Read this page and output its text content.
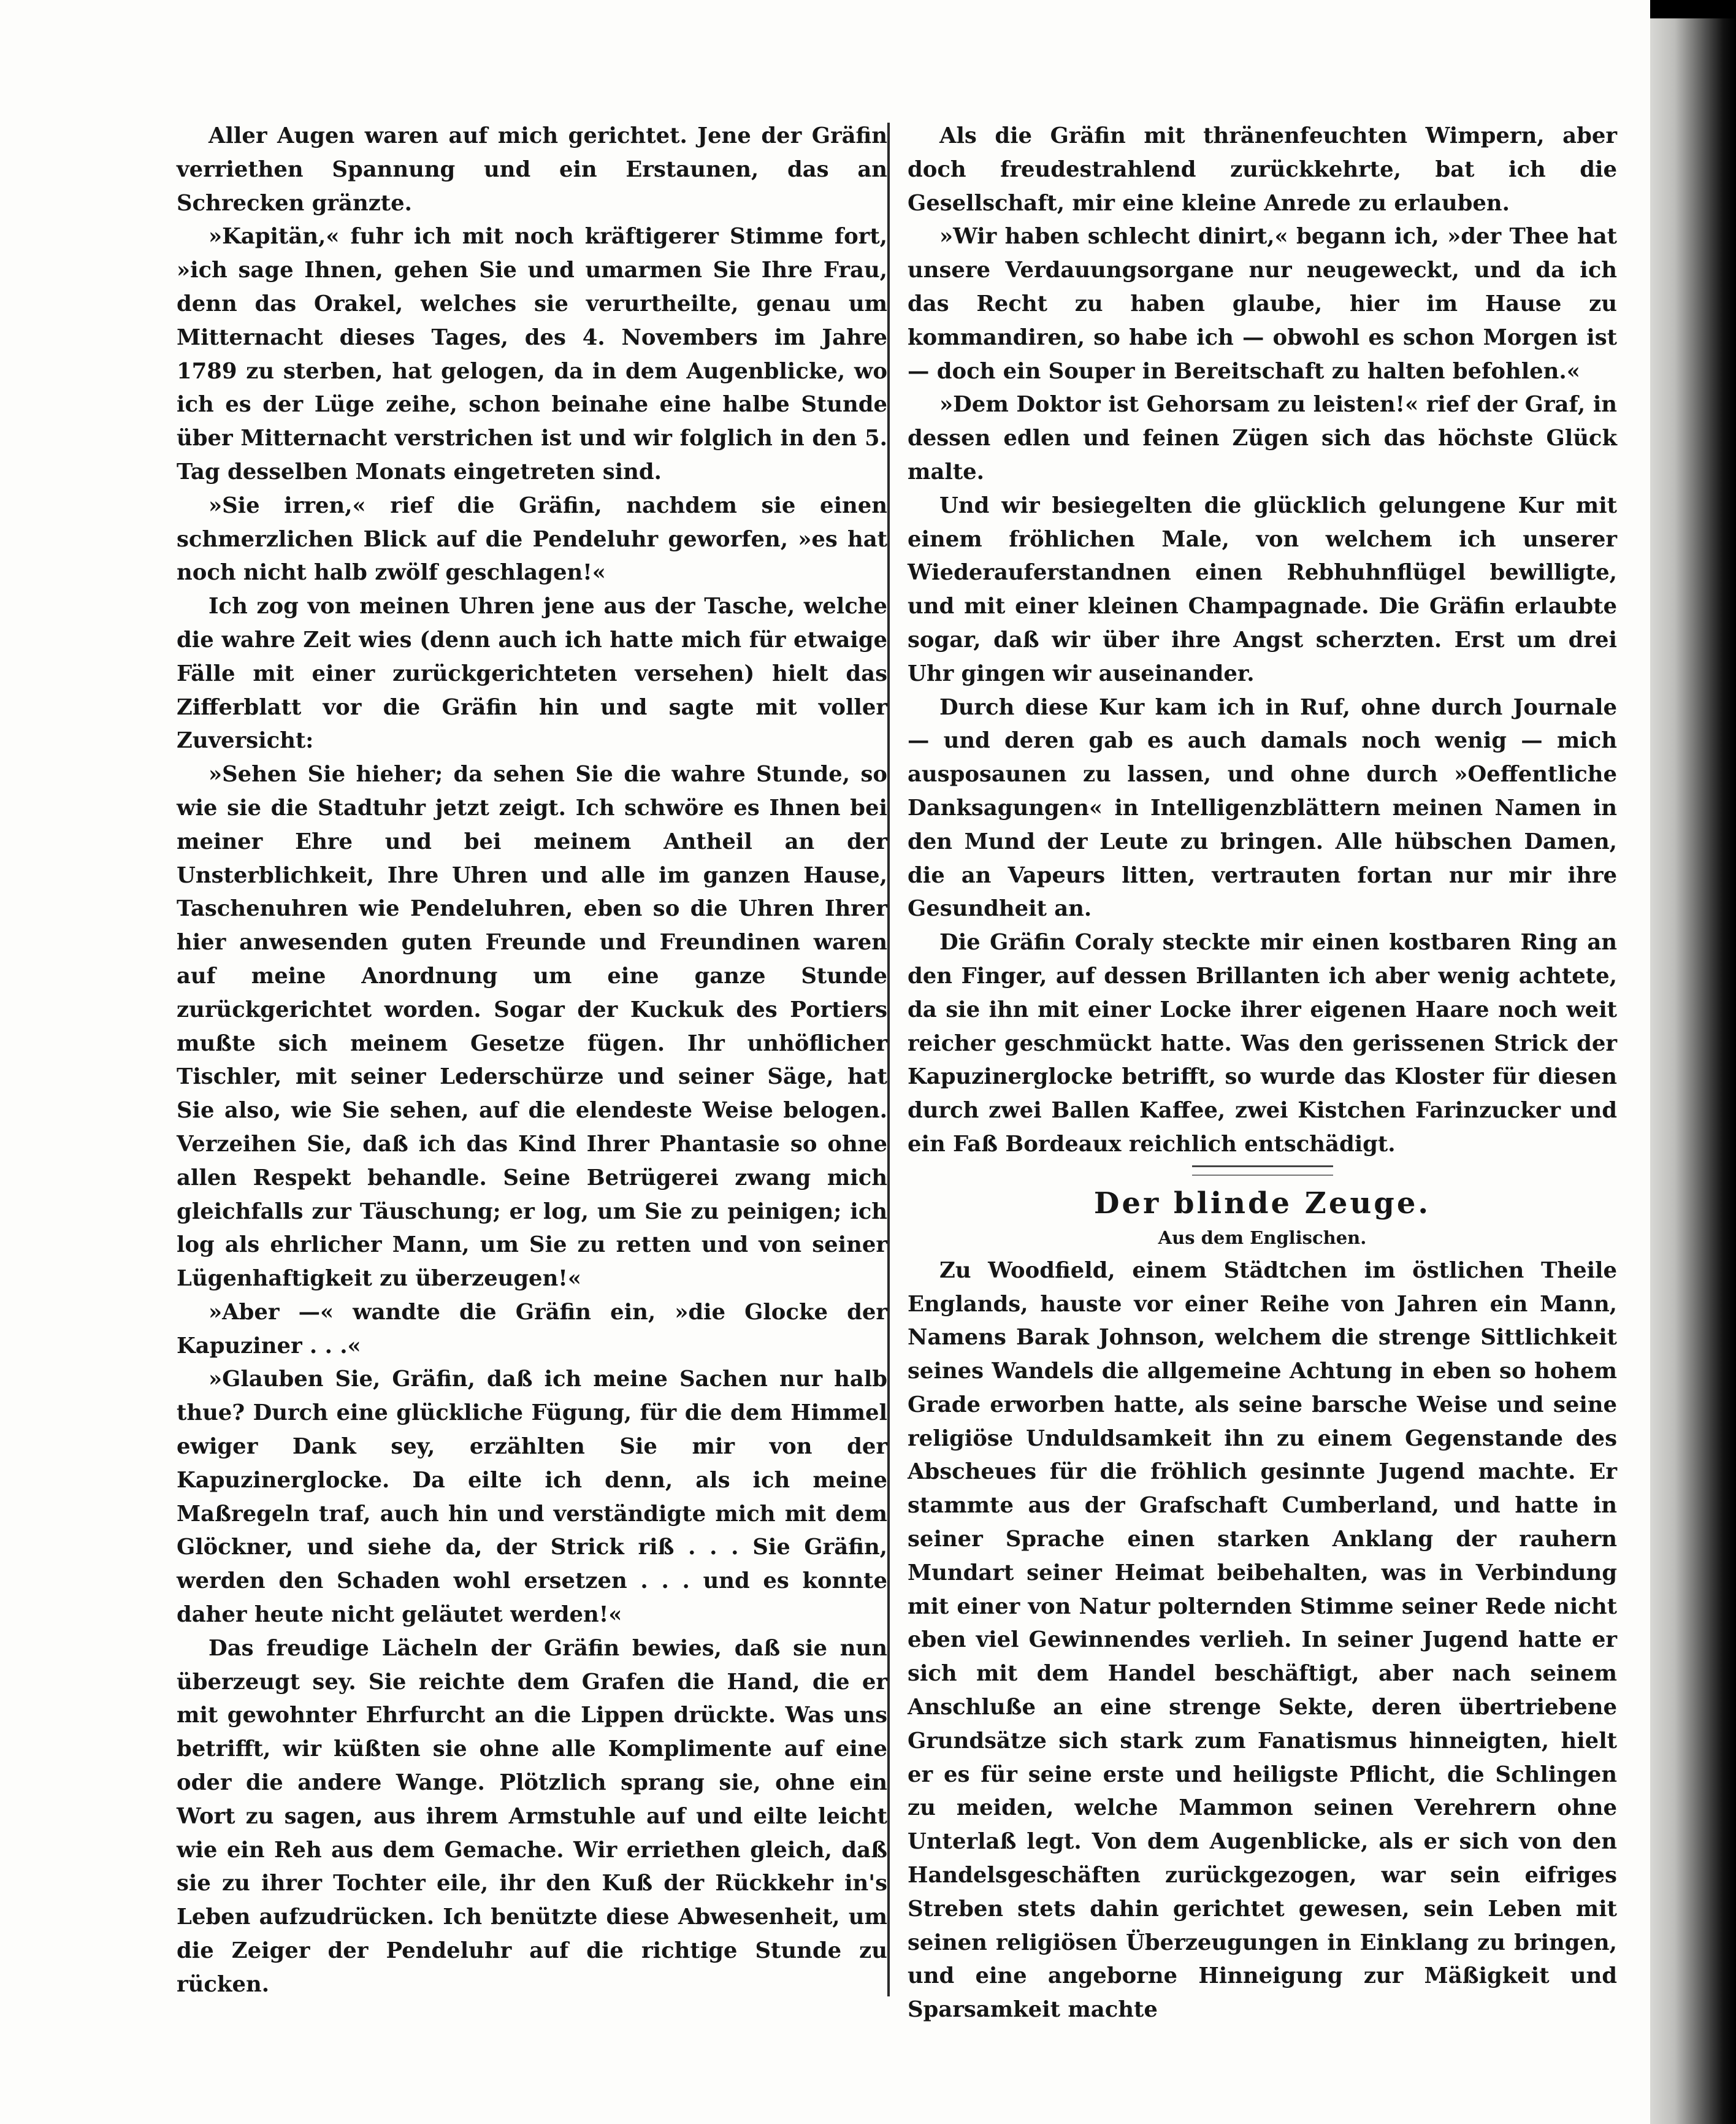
Aller Augen waren auf mich gerichtet. Jene der Gräfin verriethen Spannung und ein Erstaunen, das an Schrecken gränzte.

»Kapitän,« fuhr ich mit noch kräftigerer Stimme fort, »ich sage Ihnen, gehen Sie und umarmen Sie Ihre Frau, denn das Orakel, welches sie verurtheilte, genau um Mitternacht dieses Tages, des 4. Novembers im Jahre 1789 zu sterben, hat gelogen, da in dem Augenblicke, wo ich es der Lüge zeihe, schon beinahe eine halbe Stunde über Mitternacht verstrichen ist und wir folglich in den 5. Tag desselben Monats eingetreten sind.

»Sie irren,« rief die Gräfin, nachdem sie einen schmerzlichen Blick auf die Pendeluhr geworfen, »es hat noch nicht halb zwölf geschlagen!«

Ich zog von meinen Uhren jene aus der Tasche, welche die wahre Zeit wies (denn auch ich hatte mich für etwaige Fälle mit einer zurückgerichteten versehen) hielt das Zifferblatt vor die Gräfin hin und sagte mit voller Zuversicht:

»Sehen Sie hieher; da sehen Sie die wahre Stunde, so wie sie die Stadtuhr jetzt zeigt. Ich schwöre es Ihnen bei meiner Ehre und bei meinem Antheil an der Unsterblichkeit, Ihre Uhren und alle im ganzen Hause, Taschenuhren wie Pendeluhren, eben so die Uhren Ihrer hier anwesenden guten Freunde und Freundinen waren auf meine Anordnung um eine ganze Stunde zurückgerichtet worden. Sogar der Kuckuk des Portiers mußte sich meinem Gesetze fügen. Ihr unhöflicher Tischler, mit seiner Lederschürze und seiner Säge, hat Sie also, wie Sie sehen, auf die elendeste Weise belogen. Verzeihen Sie, daß ich das Kind Ihrer Phantasie so ohne allen Respekt behandle. Seine Betrügerei zwang mich gleichfalls zur Täuschung; er log, um Sie zu peinigen; ich log als ehrlicher Mann, um Sie zu retten und von seiner Lügenhaftigkeit zu überzeugen!«

»Aber —« wandte die Gräfin ein, »die Glocke der Kapuziner . . .«

»Glauben Sie, Gräfin, daß ich meine Sachen nur halb thue? Durch eine glückliche Fügung, für die dem Himmel ewiger Dank sey, erzählten Sie mir von der Kapuzinerglocke. Da eilte ich denn, als ich meine Maßregeln traf, auch hin und verständigte mich mit dem Glöckner, und siehe da, der Strick riß . . . Sie Gräfin, werden den Schaden wohl ersetzen . . . und es konnte daher heute nicht geläutet werden!«

Das freudige Lächeln der Gräfin bewies, daß sie nun überzeugt sey. Sie reichte dem Grafen die Hand, die er mit gewohnter Ehrfurcht an die Lippen drückte. Was uns betrifft, wir küßten sie ohne alle Komplimente auf eine oder die andere Wange. Plötzlich sprang sie, ohne ein Wort zu sagen, aus ihrem Armstuhle auf und eilte leicht wie ein Reh aus dem Gemache. Wir erriethen gleich, daß sie zu ihrer Tochter eile, ihr den Kuß der Rückkehr in's Leben aufzudrücken. Ich benützte diese Abwesenheit, um die Zeiger der Pendeluhr auf die richtige Stunde zu rücken.

Als die Gräfin mit thränenfeuchten Wimpern, aber doch freudestrahlend zurückkehrte, bat ich die Gesellschaft, mir eine kleine Anrede zu erlauben.

»Wir haben schlecht dinirt,« begann ich, »der Thee hat unsere Verdauungsorgane nur neugeweckt, und da ich das Recht zu haben glaube, hier im Hause zu kommandiren, so habe ich — obwohl es schon Morgen ist — doch ein Souper in Bereitschaft zu halten befohlen.«

»Dem Doktor ist Gehorsam zu leisten!« rief der Graf, in dessen edlen und feinen Zügen sich das höchste Glück malte.

Und wir besiegelten die glücklich gelungene Kur mit einem fröhlichen Male, von welchem ich unserer Wiederauferstandnen einen Rebhuhnflügel bewilligte, und mit einer kleinen Champagnade. Die Gräfin erlaubte sogar, daß wir über ihre Angst scherzten. Erst um drei Uhr gingen wir auseinander.

Durch diese Kur kam ich in Ruf, ohne durch Journale — und deren gab es auch damals noch wenig — mich ausposaunen zu lassen, und ohne durch »Oeffentliche Danksagungen« in Intelligenzblättern meinen Namen in den Mund der Leute zu bringen. Alle hübschen Damen, die an Vapeurs litten, vertrauten fortan nur mir ihre Gesundheit an.

Die Gräfin Coraly steckte mir einen kostbaren Ring an den Finger, auf dessen Brillanten ich aber wenig achtete, da sie ihn mit einer Locke ihrer eigenen Haare noch weit reicher geschmückt hatte. Was den gerissenen Strick der Kapuzinerglocke betrifft, so wurde das Kloster für diesen durch zwei Ballen Kaffee, zwei Kistchen Farinzucker und ein Faß Bordeaux reichlich entschädigt.

Der blinde Zeuge.
Aus dem Englischen.

Zu Woodfield, einem Städtchen im östlichen Theile Englands, hauste vor einer Reihe von Jahren ein Mann, Namens Barak Johnson, welchem die strenge Sittlichkeit seines Wandels die allgemeine Achtung in eben so hohem Grade erworben hatte, als seine barsche Weise und seine religiöse Unduldsamkeit ihn zu einem Gegenstande des Abscheues für die fröhlich gesinnte Jugend machte. Er stammte aus der Grafschaft Cumberland, und hatte in seiner Sprache einen starken Anklang der rauhern Mundart seiner Heimat beibehalten, was in Verbindung mit einer von Natur polternden Stimme seiner Rede nicht eben viel Gewinnendes verlieh. In seiner Jugend hatte er sich mit dem Handel beschäftigt, aber nach seinem Anschluße an eine strenge Sekte, deren übertriebene Grundsätze sich stark zum Fanatismus hinneigten, hielt er es für seine erste und heiligste Pflicht, die Schlingen zu meiden, welche Mammon seinen Verehrern ohne Unterlaß legt. Von dem Augenblicke, als er sich von den Handelsgeschäften zurückgezogen, war sein eifriges Streben stets dahin gerichtet gewesen, sein Leben mit seinen religiösen Überzeugungen in Einklang zu bringen, und eine angeborne Hinneigung zur Mäßigkeit und Sparsamkeit machte
